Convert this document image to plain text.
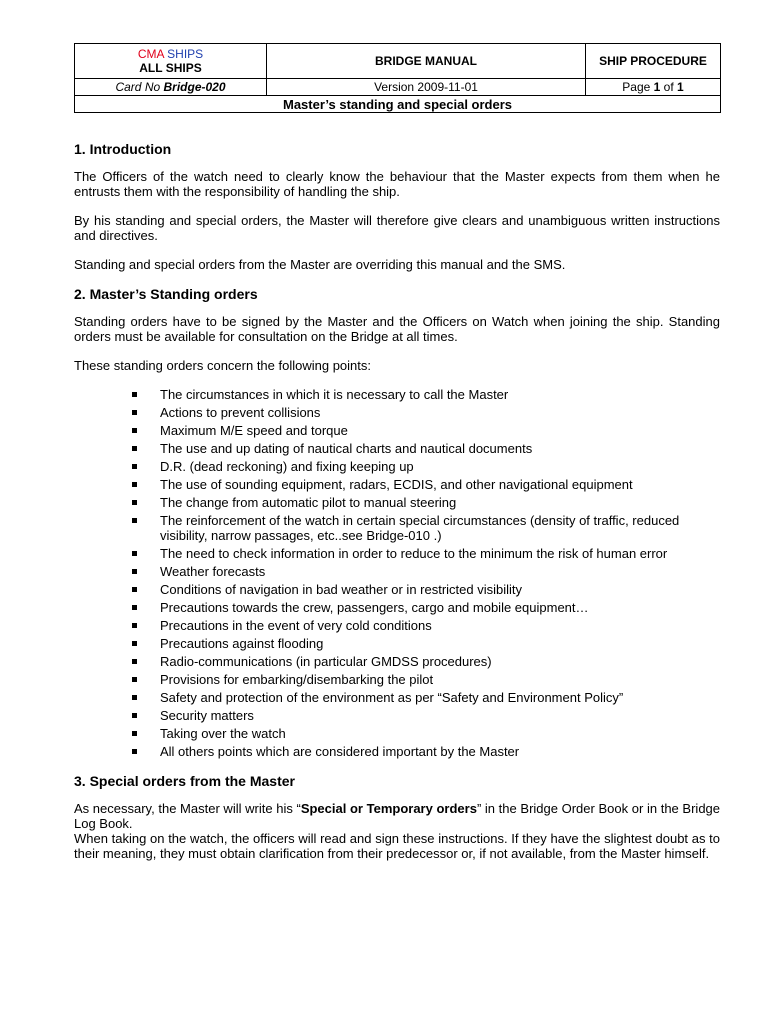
CMA SHIPS
ALL SHIPS	BRIDGE MANUAL	SHIP PROCEDURE
Card No Bridge-020	Version 2009-11-01	Page 1 of 1
Master’s standing and special orders		
1. Introduction

The Officers of the watch need to clearly know the behaviour that the Master expects from them when he entrusts them with the responsibility of handling the ship.

By his standing and special orders, the Master will therefore give clears and unambiguous written instructions and directives.

Standing and special orders from the Master are overriding this manual and the SMS.

2. Master’s Standing orders

Standing orders have to be signed by the Master and the Officers on Watch when joining the ship. Standing orders must be available for consultation on the Bridge at all times.

These standing orders concern the following points:

The circumstances in which it is necessary to call the Master
Actions to prevent collisions
Maximum M/E speed and torque
The use and up dating of nautical charts and nautical documents
D.R. (dead reckoning) and fixing keeping up
The use of sounding equipment, radars, ECDIS, and other navigational equipment
The change from automatic pilot to manual steering
The reinforcement of the watch in certain special circumstances (density of traffic, reduced visibility, narrow passages, etc..see Bridge-010 .)
The need to check information in order to reduce to the minimum the risk of human error
Weather forecasts
Conditions of navigation in bad weather or in restricted visibility
Precautions towards the crew, passengers, cargo and mobile equipment…
Precautions in the event of very cold conditions
Precautions against flooding
Radio-communications (in particular GMDSS procedures)
Provisions for embarking/disembarking the pilot
Safety and protection of the environment as per “Safety and Environment Policy”
Security matters
Taking over the watch
All others points which are considered important by the Master
3. Special orders from the Master

As necessary, the Master will write his “Special or Temporary orders” in the Bridge Order Book or in the Bridge Log Book.

When taking on the watch, the officers will read and sign these instructions. If they have the slightest doubt as to their meaning, they must obtain clarification from their predecessor or, if not available, from the Master himself.
